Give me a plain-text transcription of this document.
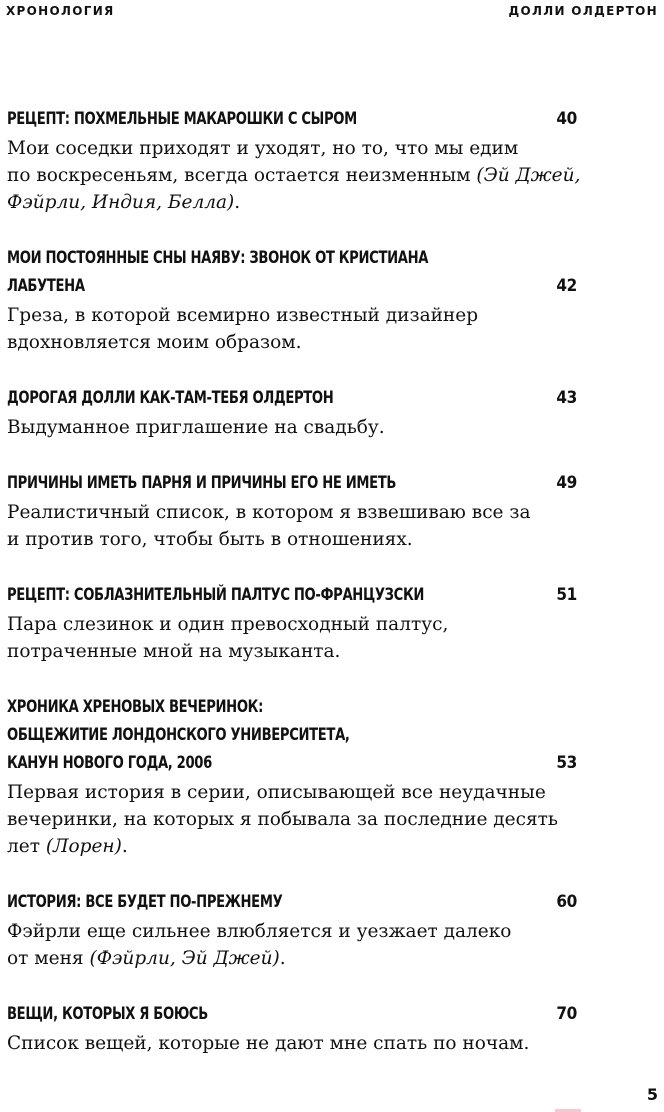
ХРОНОЛОГИЯ	ДОЛЛИ ОЛДЕРТОН
РЕЦЕПТ: ПОХМЕЛЬНЫЕ МАКАРОШКИ С СЫРОМ	40
Мои соседки приходят и уходят, но то, что мы едим
по воскресеньям, всегда остается неизменным (Эй Джей,
Фэйрли, Индия, Белла).
МОИ ПОСТОЯННЫЕ СНЫ НАЯВУ: ЗВОНОК ОТ КРИСТИАНА
ЛАБУТЕНА	42
Греза, в которой всемирно известный дизайнер
вдохновляется моим образом.
ДОРОГАЯ ДОЛЛИ КАК-ТАМ-ТЕБЯ ОЛДЕРТОН	43
Выдуманное приглашение на свадьбу.
ПРИЧИНЫ ИМЕТЬ ПАРНЯ И ПРИЧИНЫ ЕГО НЕ ИМЕТЬ	49
Реалистичный список, в котором я взвешиваю все за
и против того, чтобы быть в отношениях.
РЕЦЕПТ: СОБЛАЗНИТЕЛЬНЫЙ ПАЛТУС ПО-ФРАНЦУЗСКИ	51
Пара слезинок и один превосходный палтус,
потраченные мной на музыканта.
ХРОНИКА ХРЕНОВЫХ ВЕЧЕРИНОК:
ОБЩЕЖИТИЕ ЛОНДОНСКОГО УНИВЕРСИТЕТА,
КАНУН НОВОГО ГОДА, 2006	53
Первая история в серии, описывающей все неудачные
вечеринки, на которых я побывала за последние десять
лет (Лорен).
ИСТОРИЯ: ВСЕ БУДЕТ ПО-ПРЕЖНЕМУ	60
Фэйрли еще сильнее влюбляется и уезжает далеко
от меня (Фэйрли, Эй Джей).
ВЕЩИ, КОТОРЫХ Я БОЮСЬ	70
Список вещей, которые не дают мне спать по ночам.
5
